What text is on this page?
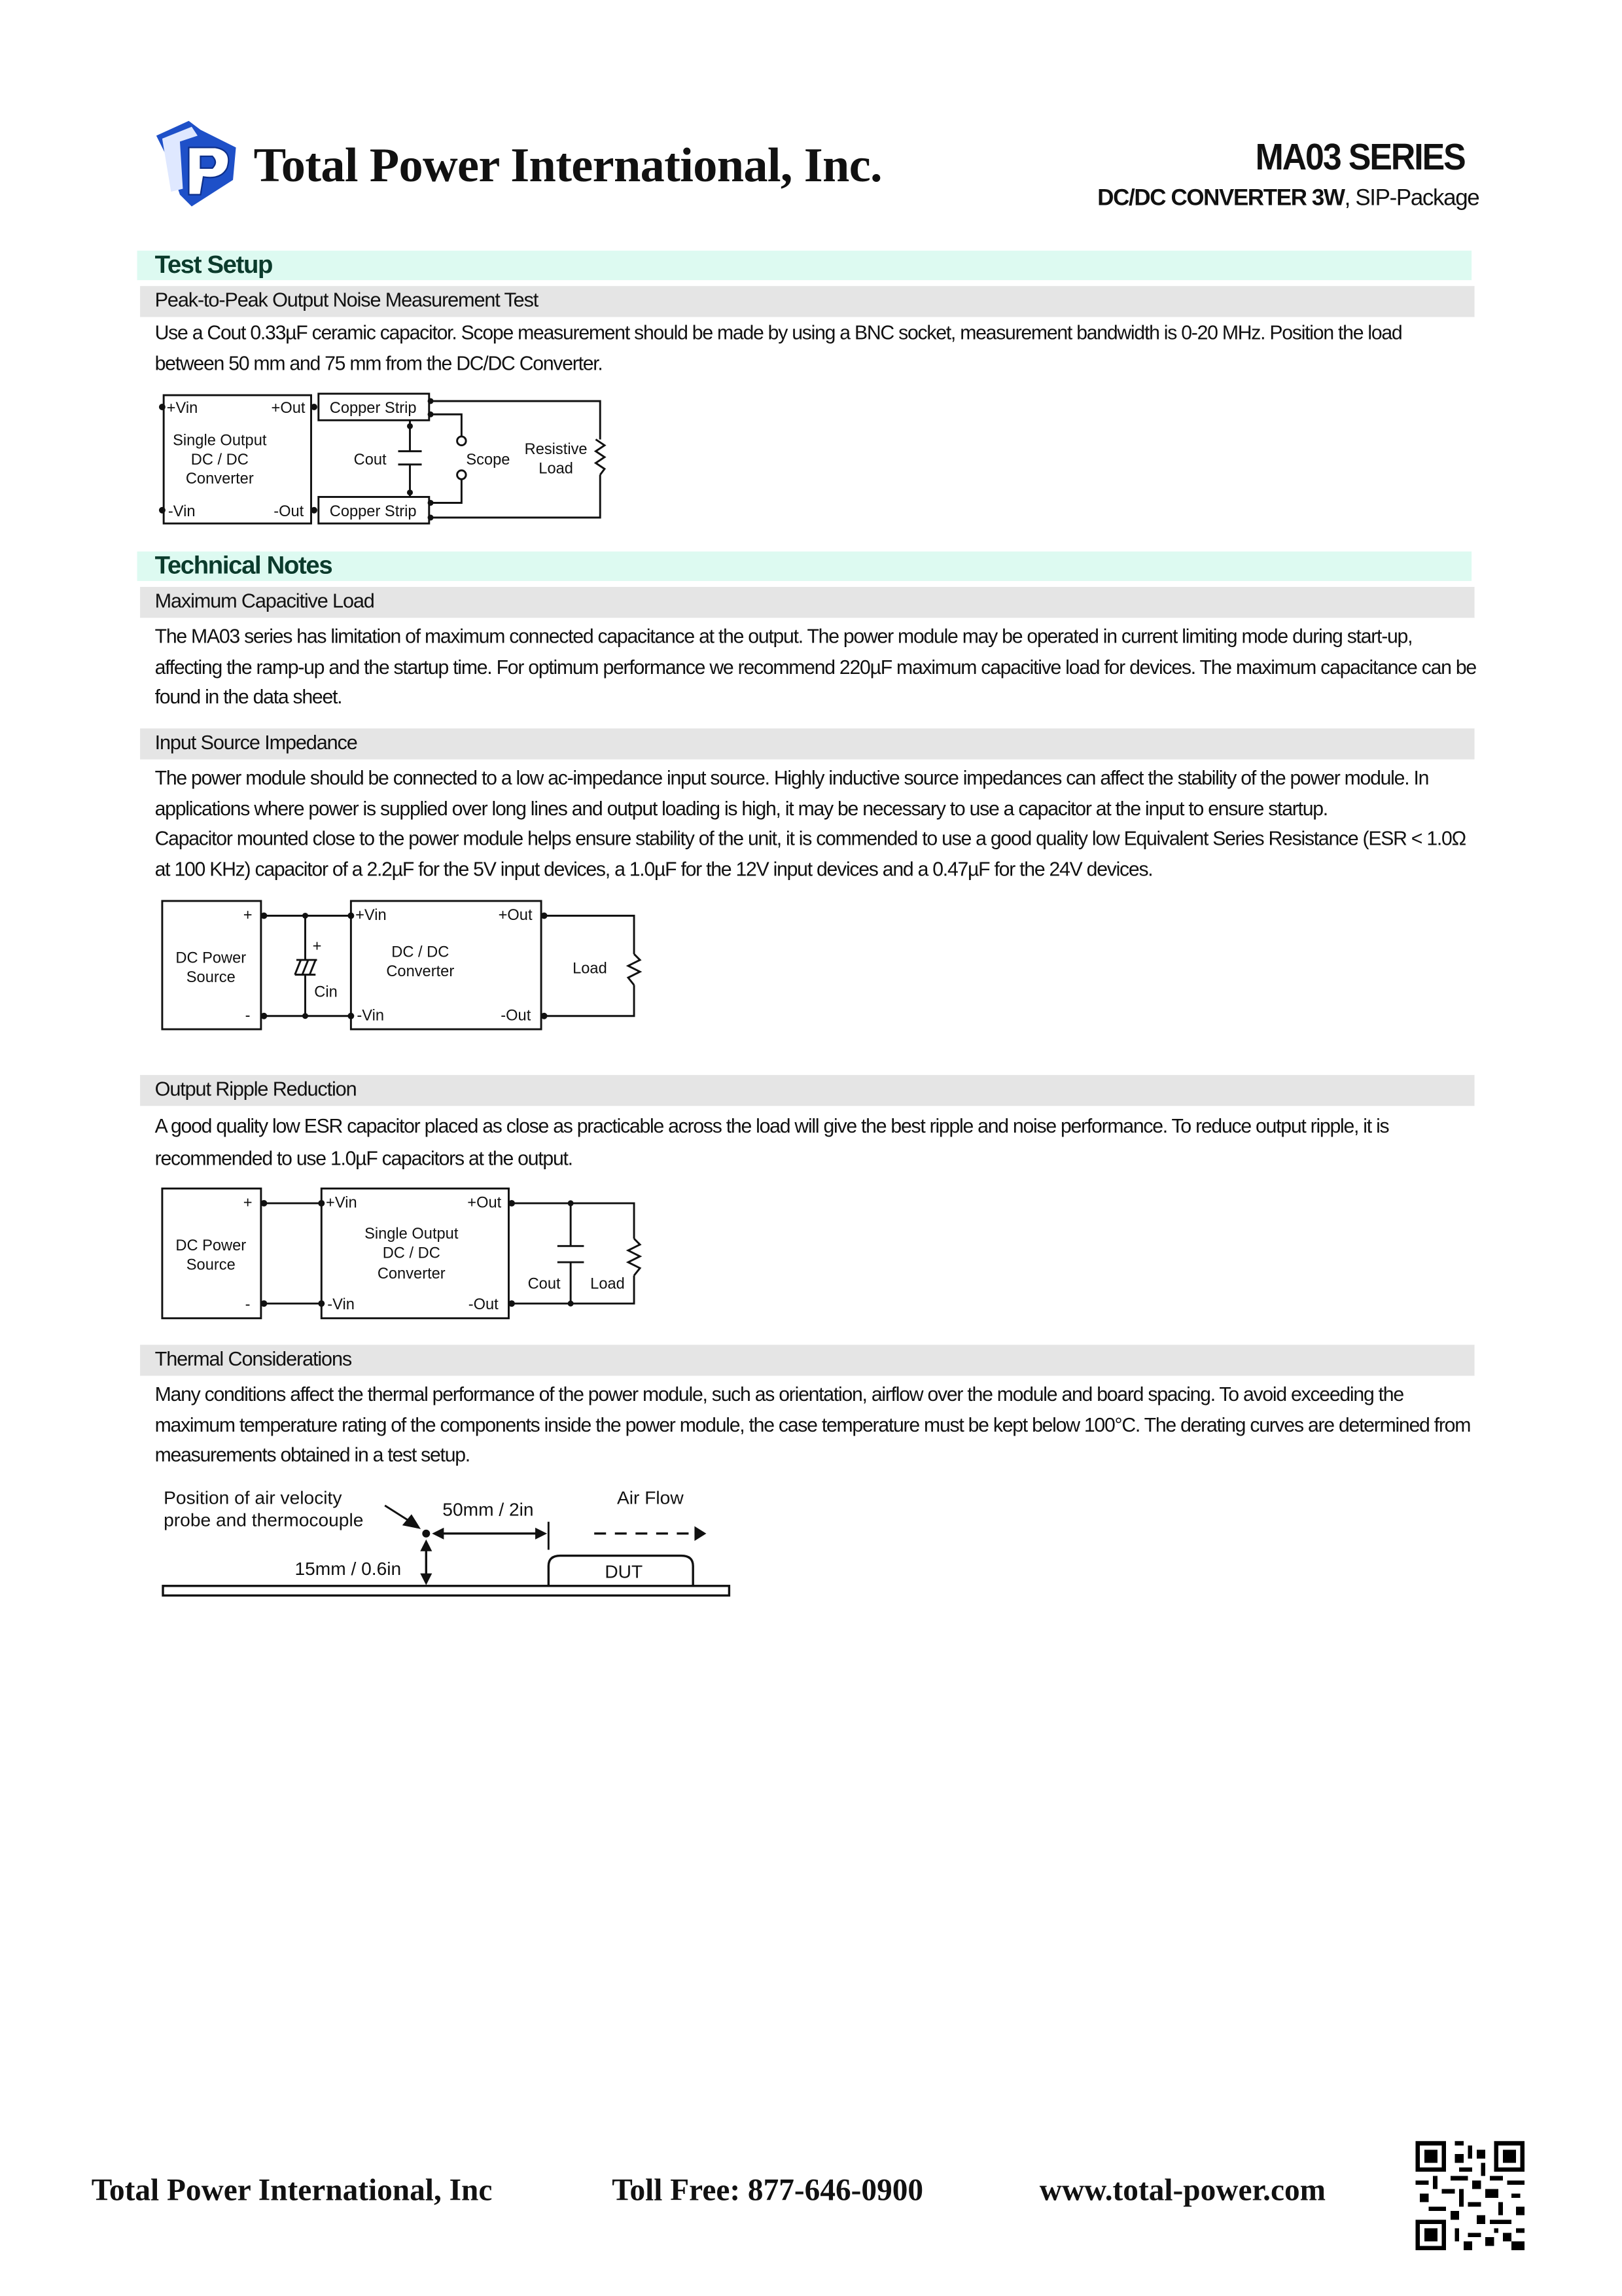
Total Power International, Inc.	MA03 SERIES
DC/DC CONVERTER 3W, SIP-Package
Test Setup
Peak-to-Peak Output Noise Measurement Test
Use a Cout 0.33µF ceramic capacitor. Scope measurement should be made by using a BNC socket, measurement bandwidth is 0-20 MHz. Position the load
between 50 mm and 75 mm from the DC/DC Converter.
+Vin	+Out
Single Output
DC / DC
Converter
-Vin	-Out
Copper Strip
Copper Strip
Cout	Scope
Resistive
Load
Technical Notes
Maximum Capacitive Load
The MA03 series has limitation of maximum connected capacitance at the output. The power module may be operated in current limiting mode during start-up,
affecting the ramp-up and the startup time. For optimum performance we recommend 220µF maximum capacitive load for devices. The maximum capacitance can be
found in the data sheet.
Input Source Impedance
The power module should be connected to a low ac-impedance input source. Highly inductive source impedances can affect the stability of the power module. In
applications where power is supplied over long lines and output loading is high, it may be necessary to use a capacitor at the input to ensure startup.
Capacitor mounted close to the power module helps ensure stability of the unit, it is commended to use a good quality low Equivalent Series Resistance (ESR < 1.0Ω
at 100 KHz) capacitor of a 2.2µF for the 5V input devices, a 1.0µF for the 12V input devices and a 0.47µF for the 24V devices.
+
-
DC Power
Source
+
Cin
+Vin	+Out
DC / DC
Converter
-Vin	-Out
Load
Output Ripple Reduction
A good quality low ESR capacitor placed as close as practicable across the load will give the best ripple and noise performance. To reduce output ripple, it is
recommended to use 1.0µF capacitors at the output.
+
-
DC Power
Source
+Vin	+Out
Single Output
DC / DC
Converter
-Vin	-Out
Cout	Load
Thermal Considerations
Many conditions affect the thermal performance of the power module, such as orientation, airflow over the module and board spacing. To avoid exceeding the
maximum temperature rating of the components inside the power module, the case temperature must be kept below 100°C. The derating curves are determined from
measurements obtained in a test setup.
Position of air velocity
probe and thermocouple
50mm / 2in
Air Flow
15mm / 0.6in	DUT
Total Power International, Inc	Toll Free: 877-646-0900	www.total-power.com
